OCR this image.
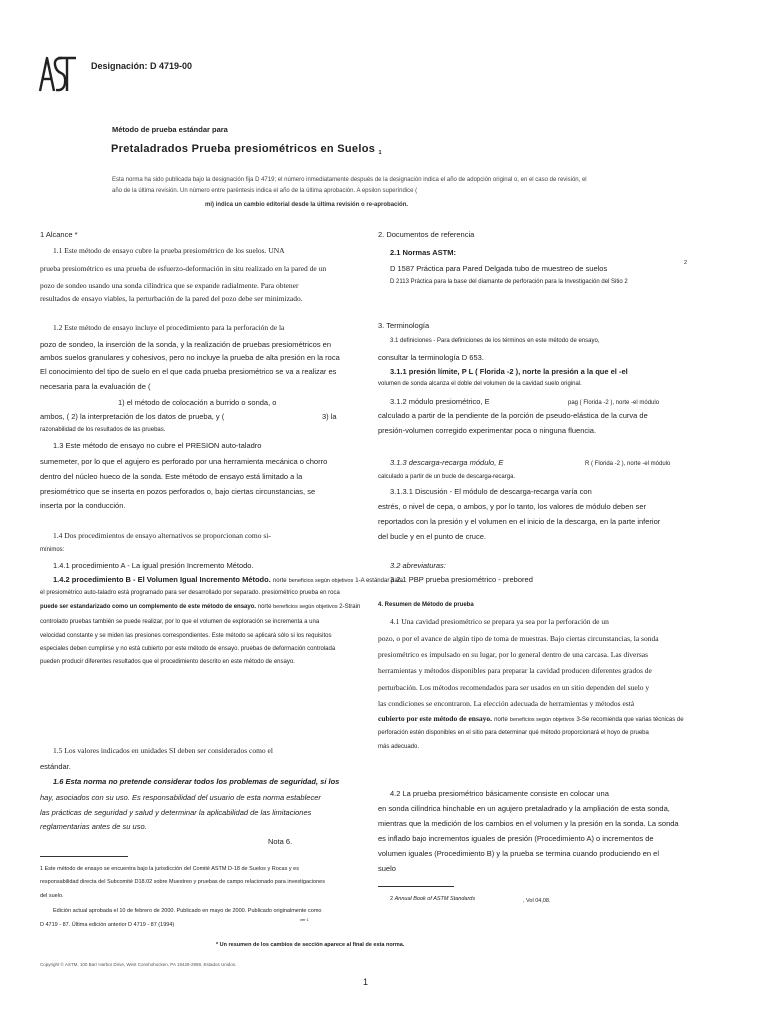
Designación: D 4719-00
Método de prueba estándar para
Pretaladrados Prueba presiométricos en Suelos 1
Esta norma ha sido publicada bajo la designación fija D 4719; el número inmediatamente después de la designación indica el año de adopción original o, en el caso de revisión, el
año de la última revisión. Un número entre paréntesis indica el año de la última aprobación. A epsilon superíndice (
mi) indica un cambio editorial desde la última revisión o re-aprobación.
1 Alcance *
1.1 Este método de ensayo cubre la prueba presiométrico de los suelos. UNA
prueba presiométrico es una prueba de esfuerzo-deformación in situ realizado en la pared de un
pozo de sondeo usando una sonda cilíndrica que se expande radialmente. Para obtener
resultados de ensayo viables, la perturbación de la pared del pozo debe ser minimizado.
1.2 Este método de ensayo incluye el procedimiento para la perforación de la
pozo de sondeo, la inserción de la sonda, y la realización de pruebas presiométricos en
ambos suelos granulares y cohesivos, pero no incluye la prueba de alta presión en la roca
El conocimiento del tipo de suelo en el que cada prueba presiométrico se va a realizar es
necesaria para la evaluación de (
1) el método de colocación a burrido o sonda, o
ambos, ( 2) la interpretación de los datos de prueba, y (	3) la
razonabilidad de los resultados de las pruebas.
1.3 Este método de ensayo no cubre el PRESION auto-taladro
sumemeter, por lo que el agujero es perforado por una herramienta mecánica o chorro
dentro del núcleo hueco de la sonda. Este método de ensayo está limitado a la
presiométrico que se inserta en pozos perforados o, bajo ciertas circunstancias, se
inserta por la conducción.
1.4 Dos procedimientos de ensayo alternativos se proporcionan como si-
mínimos:
1.4.1 procedimiento A - La igual presión Incremento Método.
1.4.2 procedimiento B - El Volumen Igual Incremento Método. norte beneficios según objetivos 1-A estándar para
el presiométrico auto-taladro está programado para ser desarrollado por separado. presiométrico prueba en roca
puede ser estandarizado como un complemento de este método de ensayo. norte beneficios según objetivos 2-Strain
controlado pruebas también se puede realizar, por lo que el volumen de exploración se incrementa a una
velocidad constante y se miden las presiones correspondientes. Este método se aplicará sólo si los requisitos
especiales deben cumplirse y no está cubierto por este método de ensayo. pruebas de deformación controlada
pueden producir diferentes resultados que el procedimiento descrito en este método de ensayo.
1.5 Los valores indicados en unidades SI deben ser considerados como el
estándar.
1.6 Esta norma no pretende considerar todos los problemas de seguridad, si los
hay, asociados con su uso. Es responsabilidad del usuario de esta norma establecer
las prácticas de seguridad y salud y determinar la aplicabilidad de las limitaciones
reglamentarias antes de su uso.
Nota 6.
1 Este método de ensayo se encuentra bajo la jurisdicción del Comité ASTM D-18 de Suelos y Rocas y es
responsabilidad directa del Subcomité D18.02 sobre Muestreo y pruebas de campo relacionado para investigaciones
del suelo.
Edición actual aprobada el 10 de febrero de 2000. Publicado en mayo de 2000. Publicado originalmente como
D 4719 - 87. Última edición anterior D 4719 - 87 (1994)
ver 1
2. Documentos de referencia
2.1 Normas ASTM:
D 1587 Práctica para Pared Delgada tubo de muestreo de suelos
2
D 2113 Práctica para la base del diamante de perforación para la Investigación del Sitio 2
3. Terminología
3.1 definiciones - Para definiciones de los términos en este método de ensayo,
consultar la terminología D 653.
3.1.1 presión límite, P L ( Florida -2 ), norte la presión a la que el -el
volumen de sonda alcanza el doble del volumen de la cavidad suelo original.
3.1.2 módulo presiométrico, E	pag ( Florida -2 ), norte -el módulo
calculado a partir de la pendiente de la porción de pseudo-elástica de la curva de
presión-volumen corregido experimentar poca o ninguna fluencia.
3.1.3 descarga-recarga módulo, E	R ( Florida -2 ), norte -el módulo
calculado a partir de un bucle de descarga-recarga.
3.1.3.1 Discusión - El módulo de descarga-recarga varía con
estrés, o nivel de cepa, o ambos, y por lo tanto, los valores de módulo deben ser
reportados con la presión y el volumen en el inicio de la descarga, en la parte inferior
del bucle y en el punto de cruce.
3.2 abreviaturas:
3.2.1 PBP prueba presiométrico - prebored
4. Resumen de Método de prueba
4.1 Una cavidad presiométrico se prepara ya sea por la perforación de un
pozo, o por el avance de algún tipo de toma de muestras. Bajo ciertas circunstancias, la sonda
presiométrico es impulsado en su lugar, por lo general dentro de una carcasa. Las diversas
herramientas y métodos disponibles para preparar la cavidad producen diferentes grados de
perturbación. Los métodos recomendados para ser usados en un sitio dependen del suelo y
las condiciones se encontraron. La elección adecuada de herramientas y métodos está
cubierto por este método de ensayo. norte beneficios según objetivos 3-Se recomienda que varias técnicas de
perforación estén disponibles en el sitio para determinar qué método proporcionará el hoyo de prueba
más adecuado.
4.2 La prueba presiométrico básicamente consiste en colocar una
en sonda cilíndrica hinchable en un agujero pretaladrado y la ampliación de esta sonda,
mientras que la medición de los cambios en el volumen y la presión en la sonda. La sonda
es inflado bajo incrementos iguales de presión (Procedimiento A) o incrementos de
volumen iguales (Procedimiento B) y la prueba se termina cuando produciendo en el
suelo
2 Annual Book of ASTM Standards	, Vol 04,08.
* Un resumen de los cambios de sección aparece al final de esta norma.
Copyright © ASTM, 100 Barr Harbor Drive, West Conshohocken, PA 19428-2959, Estados Unidos.
1
